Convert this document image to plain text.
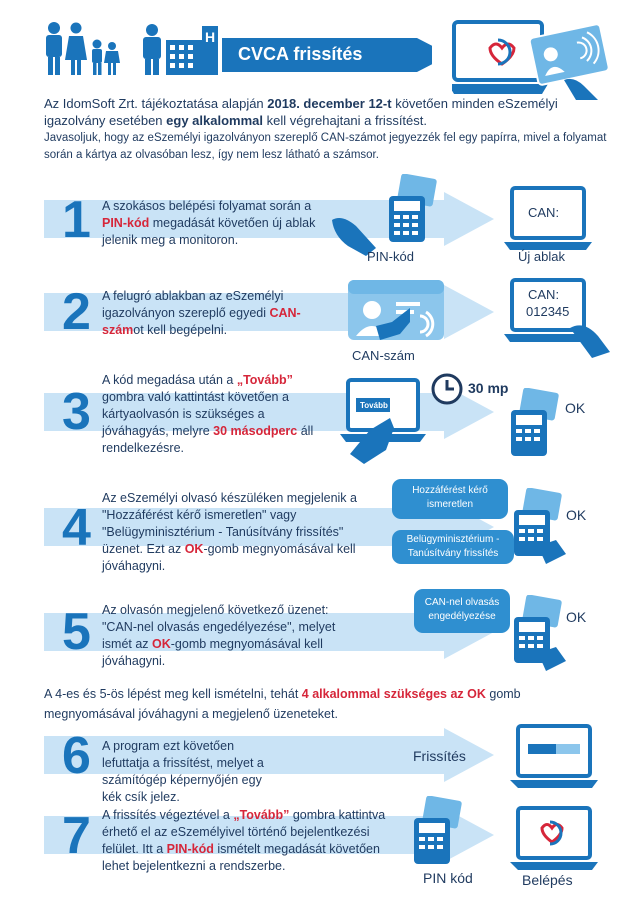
H
CVCA frissítés
Az IdomSoft Zrt. tájékoztatása alapján 2018. december 12-t követően minden eSzemélyi igazolvány esetében egy alkalommal kell végrehajtani a frissítést.
Javasoljuk, hogy az eSzemélyi igazolványon szereplő CAN-számot jegyezzék fel egy papírra, mivel a folyamat során a kártya az olvasóban lesz, így nem lesz látható a számsor.
1 A szokásos belépési folyamat során a PIN-kód megadását követően új ablak jelenik meg a monitoron.
PIN-kód
CAN:
Új ablak
2 A felugró ablakban az eSzemélyi igazolványon szereplő egyedi CAN-számot kell begépelni.
CAN-szám
CAN:
012345
3
A kód megadása után a „Tovább” gombra való kattintást követően a kártyaolvasón is szükséges a jóváhagyás, melyre 30 másodperc áll rendelkezésre.
Tovább
30 mp
OK
4
Az eSzemélyi olvasó készüléken megjelenik a "Hozzáférést kérő ismeretlen" vagy "Belügyminisztérium - Tanúsítvány frissítés" üzenet. Ezt az OK-gomb megnyomásával kell jóváhagyni.
Hozzáférést kérő ismeretlen
Belügyminisztérium - Tanúsítvány frissítés
OK
5 Az olvasón megjelenő következő üzenet: "CAN-nel olvasás engedélyezése", melyet ismét az OK-gomb megnyomásával kell jóváhagyni.
CAN-nel olvasás engedélyezése	OK
A 4-es és 5-ös lépést meg kell ismételni, tehát 4 alkalommal szükséges az OK gomb megnyomásával jóváhagyni a megjelenő üzeneteket.
6 A program ezt követően lefuttatja a frissítést, melyet a számítógép képernyőjén egy kék csík jelez.
Frissítés
7 A frissítés végeztével a „Tovább” gombra kattintva érhető el az eSzemélyivel történő bejelentkezési felület. Itt a PIN-kód ismételt megadását követően lehet bejelentkezni a rendszerbe.
PIN kód	Belépés
